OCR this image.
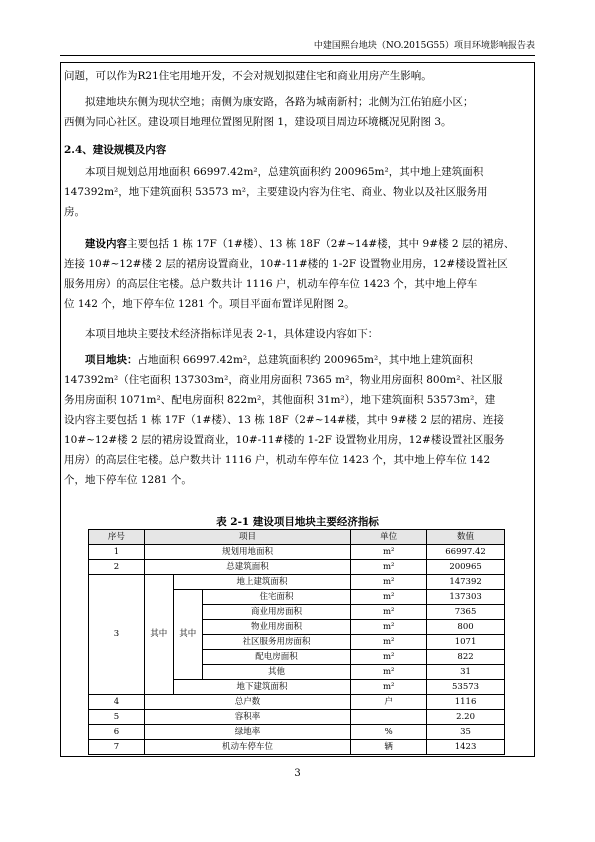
中建国熙台地块（NO.2015G55）项目环境影响报告表
问题，可以作为R21住宅用地开发，不会对规划拟建住宅和商业用房产生影响。
拟建地块东侧为现状空地；南侧为康安路，各路为城南新村；北侧为江佑铂庭小区；
西侧为同心社区。建设项目地理位置图见附图 1，建设项目周边环境概况见附图 3。
2.4、建设规模及内容
本项目规划总用地面积 66997.42m²，总建筑面积约 200965m²，其中地上建筑面积
147392m²，地下建筑面积 53573 m²，主要建设内容为住宅、商业、物业以及社区服务用
房。
建设内容主要包括 1 栋 17F（1#楼）、13 栋 18F（2#~14#楼，其中 9#楼 2 层的裙房、
连接 10#~12#楼 2 层的裙房设置商业，10#-11#楼的 1-2F 设置物业用房，12#楼设置社区
服务用房）的高层住宅楼。总户数共计 1116 户，机动车停车位 1423 个，其中地上停车
位 142 个，地下停车位 1281 个。项目平面布置详见附图 2。
本项目地块主要技术经济指标详见表 2-1，具体建设内容如下：
项目地块：占地面积 66997.42m²，总建筑面积约 200965m²，其中地上建筑面积
147392m²（住宅面积 137303m²，商业用房面积 7365 m²，物业用房面积 800m²、社区服
务用房面积 1071m²、配电房面积 822m²，其他面积 31m²），地下建筑面积 53573m²，建
设内容主要包括 1 栋 17F（1#楼）、13 栋 18F（2#~14#楼，其中 9#楼 2 层的裙房、连接
10#~12#楼 2 层的裙房设置商业，10#-11#楼的 1-2F 设置物业用房，12#楼设置社区服务
用房）的高层住宅楼。总户数共计 1116 户，机动车停车位 1423 个，其中地上停车位 142
个，地下停车位 1281 个。
表 2-1 建设项目地块主要经济指标
序号	项目			单位	数值
1	规划用地面积			m²	66997.42
2	总建筑面积			m²	200965
3	其中	地上建筑面积		m²	147392
		其中	住宅面积	m²	137303
			商业用房面积	m²	7365
			物业用房面积	m²	800
			社区服务用房面积	m²	1071
			配电房面积	m²	822
			其他	m²	31
		地下建筑面积		m²	53573
4	总户数			户	1116
5	容积率				2.20
6	绿地率			%	35
7	机动车停车位			辆	1423
3
